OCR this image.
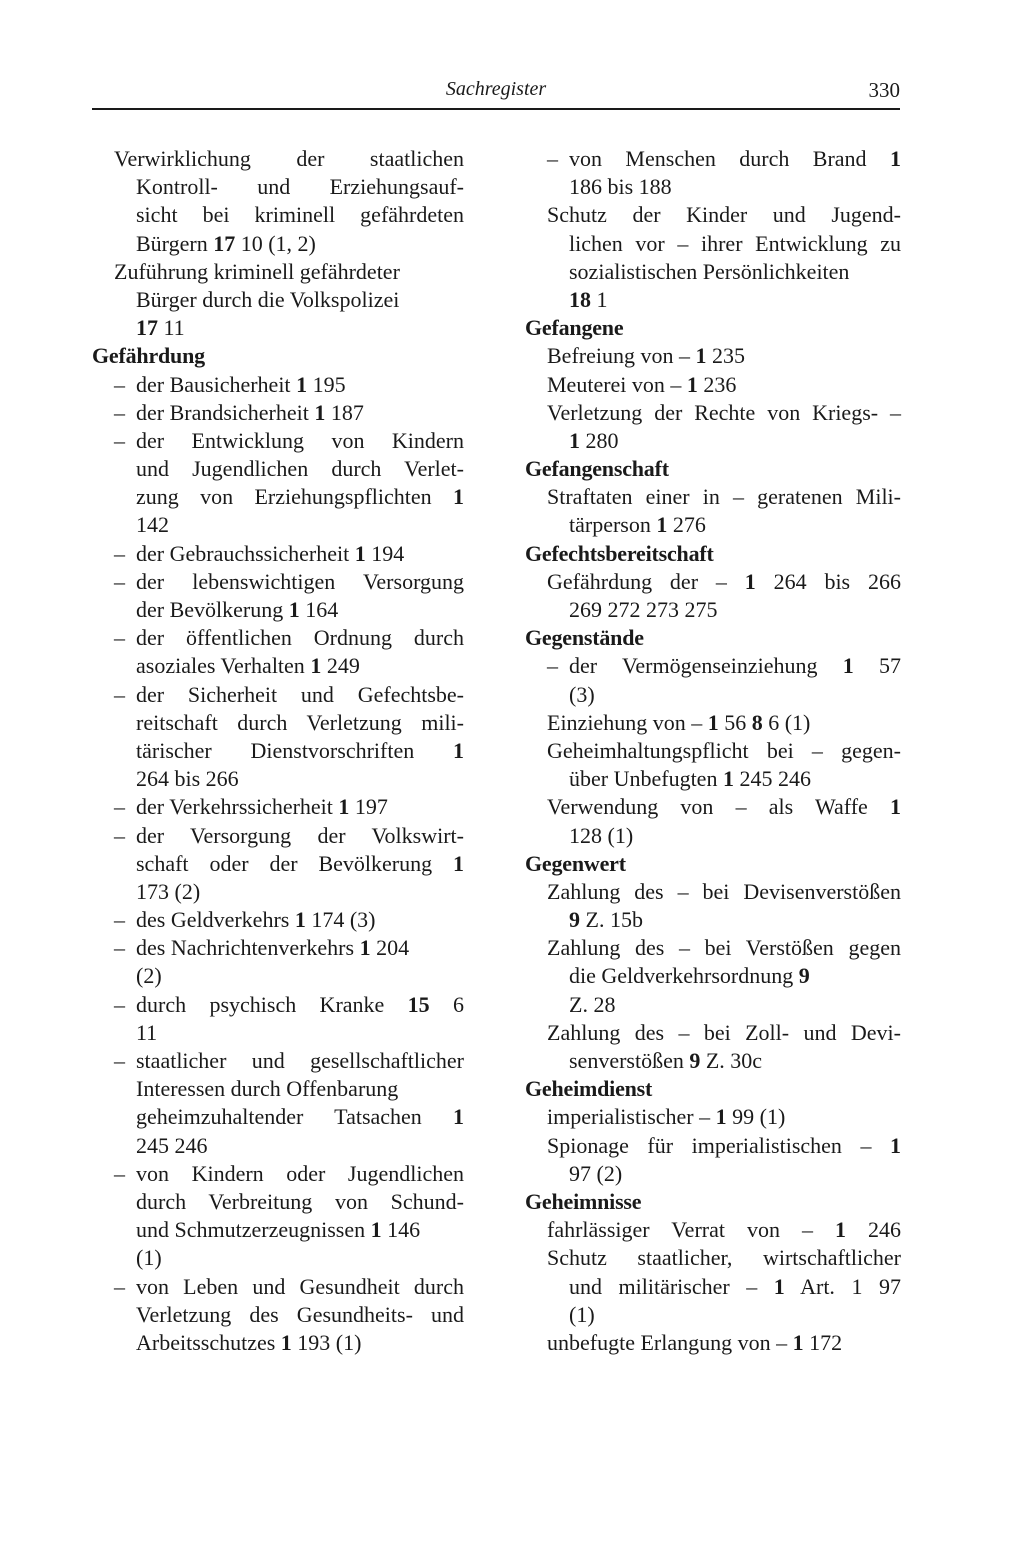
Sachregister	330
Verwirklichung der staatlichen
Kontroll- und Erziehungsauf-
sicht bei kriminell gefährdeten
Bürgern 17 10 (1, 2)
Zuführung kriminell gefährdeter
Bürger durch die Volkspolizei
17 11
Gefährdung
– der Bausicherheit 1 195
– der Brandsicherheit 1 187
– der Entwicklung von Kindern
und Jugendlichen durch Verlet-
zung von Erziehungspflichten 1
142
– der Gebrauchssicherheit 1 194
– der lebenswichtigen Versorgung
der Bevölkerung 1 164
– der öffentlichen Ordnung durch
asoziales Verhalten 1 249
– der Sicherheit und Gefechtsbe-
reitschaft durch Verletzung mili-
tärischer Dienstvorschriften 1
264 bis 266
– der Verkehrssicherheit 1 197
– der Versorgung der Volkswirt-
schaft oder der Bevölkerung 1
173 (2)
– des Geldverkehrs 1 174 (3)
– des Nachrichtenverkehrs 1 204
(2)
– durch psychisch Kranke 15 6
11
– staatlicher und gesellschaftlicher
Interessen durch Offenbarung
geheimzuhaltender Tatsachen 1
245 246
– von Kindern oder Jugendlichen
durch Verbreitung von Schund-
und Schmutzerzeugnissen 1 146
(1)
– von Leben und Gesundheit durch
Verletzung des Gesundheits- und
Arbeitsschutzes 1 193 (1)
– von Menschen durch Brand 1
186 bis 188
Schutz der Kinder und Jugend-
lichen vor – ihrer Entwicklung zu
sozialistischen Persönlichkeiten
18 1
Gefangene
Befreiung von – 1 235
Meuterei von – 1 236
Verletzung der Rechte von Kriegs- –
1 280
Gefangenschaft
Straftaten einer in – geratenen Mili-
tärperson 1 276
Gefechtsbereitschaft
Gefährdung der – 1 264 bis 266
269 272 273 275
Gegenstände
– der Vermögenseinziehung 1 57
(3)
Einziehung von – 1 56 8 6 (1)
Geheimhaltungspflicht bei – gegen-
über Unbefugten 1 245 246
Verwendung von – als Waffe 1
128 (1)
Gegenwert
Zahlung des – bei Devisenverstößen
9 Z. 15b
Zahlung des – bei Verstößen gegen
die Geldverkehrsordnung 9
Z. 28
Zahlung des – bei Zoll- und Devi-
senverstößen 9 Z. 30c
Geheimdienst
imperialistischer – 1 99 (1)
Spionage für imperialistischen – 1
97 (2)
Geheimnisse
fahrlässiger Verrat von – 1 246
Schutz staatlicher, wirtschaftlicher
und militärischer – 1 Art. 1 97
(1)
unbefugte Erlangung von – 1 172
